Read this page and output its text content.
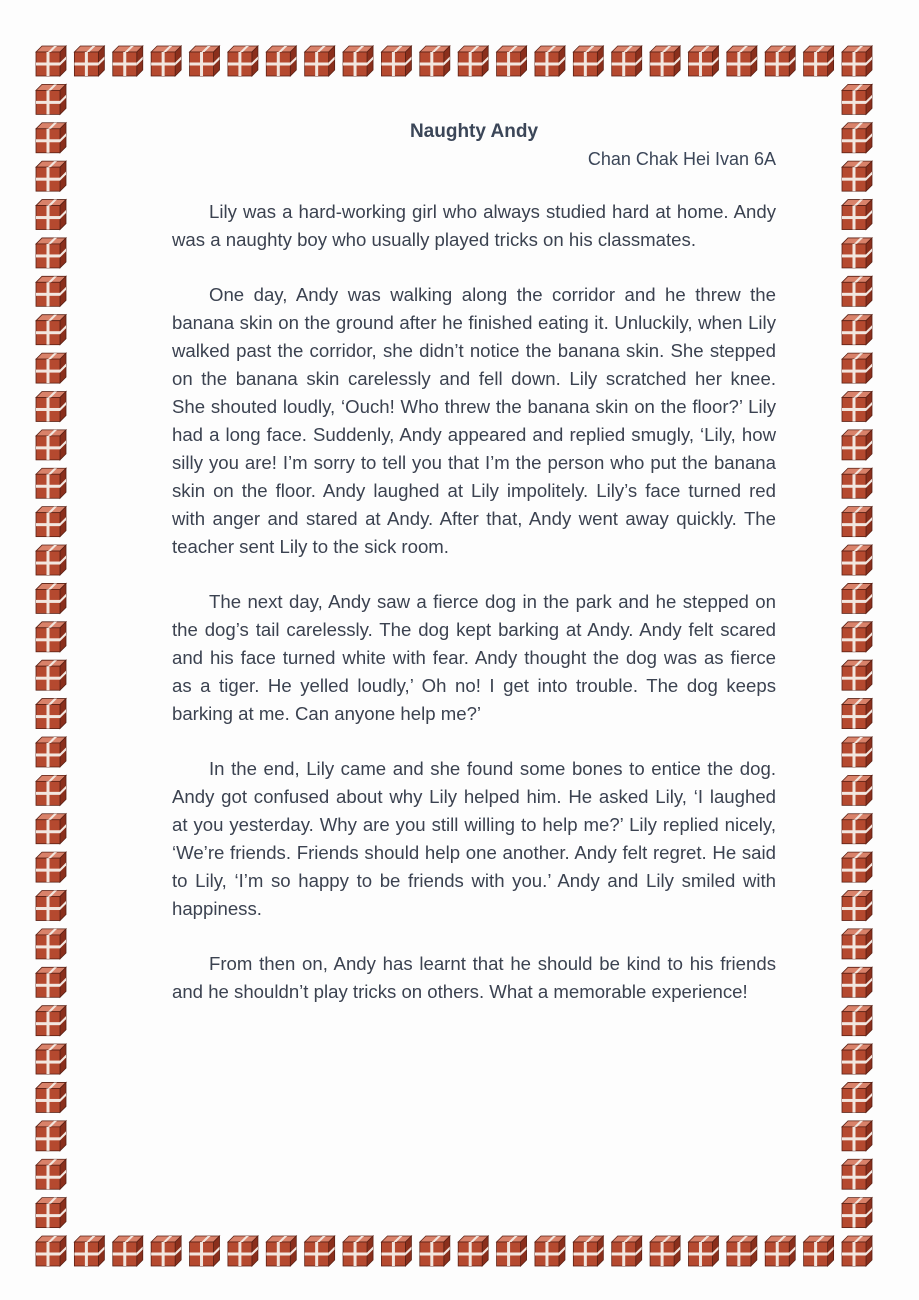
Naughty Andy

Chan Chak Hei Ivan 6A

Lily was a hard-working girl who always studied hard at home. Andy was a naughty boy who usually played tricks on his classmates.

One day, Andy was walking along the corridor and he threw the banana skin on the ground after he finished eating it. Unluckily, when Lily walked past the corridor, she didn’t notice the banana skin. She stepped on the banana skin carelessly and fell down. Lily scratched her knee. She shouted loudly, ‘Ouch! Who threw the banana skin on the floor?’ Lily had a long face. Suddenly, Andy appeared and replied smugly, ‘Lily, how silly you are! I’m sorry to tell you that I’m the person who put the banana skin on the floor. Andy laughed at Lily impolitely. Lily’s face turned red with anger and stared at Andy. After that, Andy went away quickly. The teacher sent Lily to the sick room.

The next day, Andy saw a fierce dog in the park and he stepped on the dog’s tail carelessly. The dog kept barking at Andy. Andy felt scared and his face turned white with fear. Andy thought the dog was as fierce as a tiger. He yelled loudly,’ Oh no! I get into trouble. The dog keeps barking at me. Can anyone help me?’

In the end, Lily came and she found some bones to entice the dog. Andy got confused about why Lily helped him. He asked Lily, ‘I laughed at you yesterday. Why are you still willing to help me?’ Lily replied nicely, ‘We’re friends. Friends should help one another. Andy felt regret. He said to Lily, ‘I’m so happy to be friends with you.’ Andy and Lily smiled with happiness.

From then on, Andy has learnt that he should be kind to his friends and he shouldn’t play tricks on others. What a memorable experience!
